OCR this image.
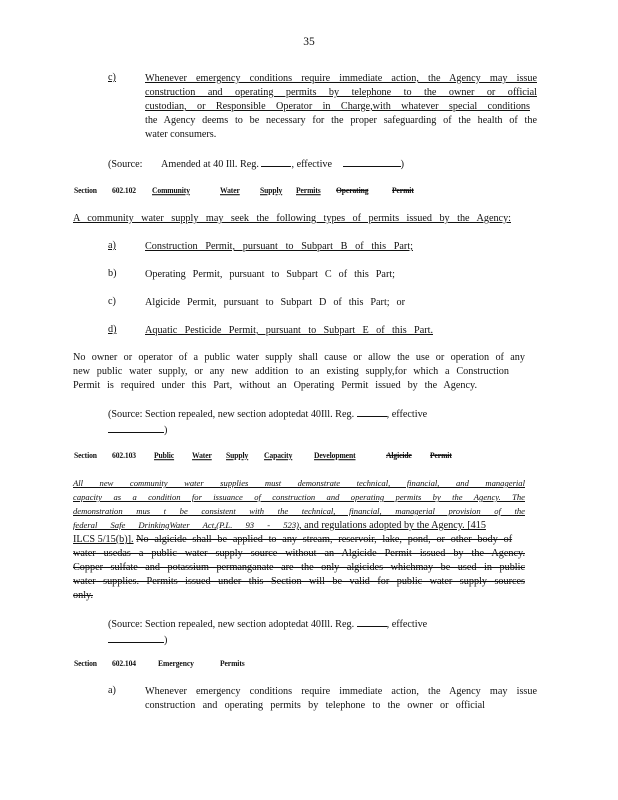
35
c)	Whenever emergency conditions require immediate action, the Agency may issue
construction and operating permits by telephone to the owner or official
custodian, or Responsible Operator in Charge,with whatever special conditions
the Agency deems to be necessary for the proper safeguarding of the health of the
water consumers.
(Source: Amended at 40 Ill. Reg.	, effective	)
Section 602.102 Community	Water	Supply Permits Operating	Permit
A community water supply may seek the following types of permits issued by the Agency:
a)	Construction Permit, pursuant to Subpart B of this Part;
b)	Operating Permit, pursuant to Subpart C of this Part;
c)	Algicide Permit, pursuant to Subpart D of this Part; or
d)	Aquatic Pesticide Permit, pursuant to Subpart E of this Part.
No owner or operator of a public water supply shall cause or allow the use or operation of any
new public water supply, or any new addition to an existing supply,for which a Construction
Permit is required under this Part, without an Operating Permit issued by the Agency.
(Source: Section repealed, new section adoptedat 40Ill. Reg.	, effective
)
Section 602.103 Public Water Supply Capacity	Development	Algicide Permit
All new community water supplies must demonstrate technical, financial, and managerial
capacity as a condition for issuance of construction and operating permits by the Agency. The
demonstration mus t be consistent with the technical, financial, managerial provision of the
federal Safe DrinkingWater Act,(P.L. 93 - 523), and regulations adopted by the Agency. [415
ILCS 5/15(b)]. No algicide shall be applied to any stream, reservoir, lake, pond, or other body of
water usedas a public water supply source without an Algicide Permit issued by the Agency.
Copper sulfate and potassium permanganate are the only algicides whichmay be used in public
water supplies. Permits issued under this Section will be valid for public water supply sources
only.
(Source: Section repealed, new section adoptedat 40Ill. Reg.	, effective
)
Section 602.104	Emergency	Permits
a)	Whenever emergency conditions require immediate action, the Agency may issue
construction and operating permits by telephone to the owner or official
